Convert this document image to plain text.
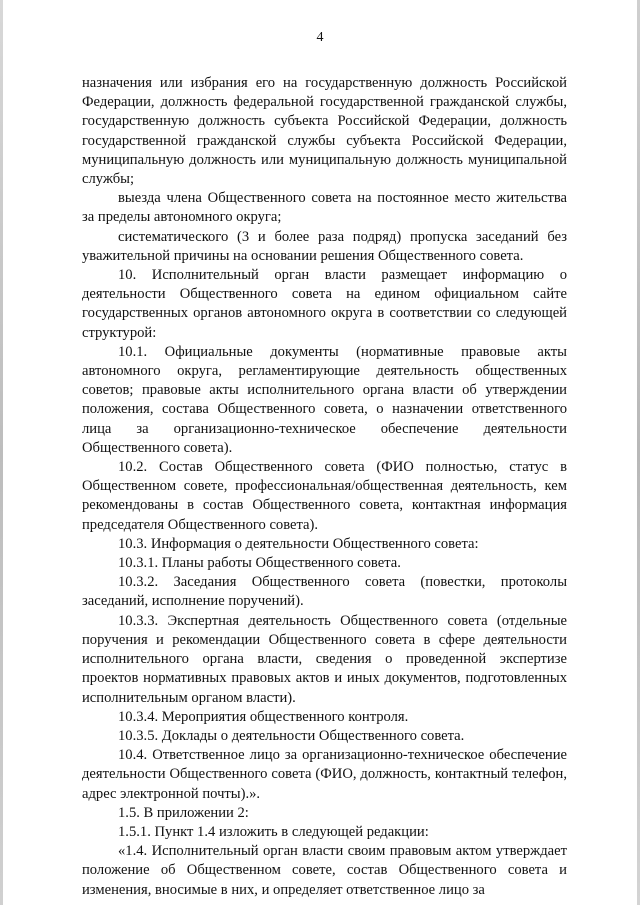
4

назначения или избрания его на государственную должность Российской Федерации, должность федеральной государственной гражданской службы, государственную должность субъекта Российской Федерации, должность государственной гражданской службы субъекта Российской Федерации, муниципальную должность или муниципальную должность муниципальной службы;

выезда члена Общественного совета на постоянное место жительства за пределы автономного округа;

систематического (3 и более раза подряд) пропуска заседаний без уважительной причины на основании решения Общественного совета.

10. Исполнительный орган власти размещает информацию о деятельности Общественного совета на едином официальном сайте государственных органов автономного округа в соответствии со следующей структурой:

10.1. Официальные документы (нормативные правовые акты автономного округа, регламентирующие деятельность общественных советов; правовые акты исполнительного органа власти об утверждении положения, состава Общественного совета, о назначении ответственного лица за организационно-техническое обеспечение деятельности Общественного совета).

10.2. Состав Общественного совета (ФИО полностью, статус в Общественном совете, профессиональная/общественная деятельность, кем рекомендованы в состав Общественного совета, контактная информация председателя Общественного совета).

10.3. Информация о деятельности Общественного совета:

10.3.1. Планы работы Общественного совета.

10.3.2. Заседания Общественного совета (повестки, протоколы заседаний, исполнение поручений).

10.3.3. Экспертная деятельность Общественного совета (отдельные поручения и рекомендации Общественного совета в сфере деятельности исполнительного органа власти, сведения о проведенной экспертизе проектов нормативных правовых актов и иных документов, подготовленных исполнительным органом власти).

10.3.4. Мероприятия общественного контроля.

10.3.5. Доклады о деятельности Общественного совета.

10.4. Ответственное лицо за организационно-техническое обеспечение деятельности Общественного совета (ФИО, должность, контактный телефон, адрес электронной почты).».

1.5. В приложении 2:

1.5.1. Пункт 1.4 изложить в следующей редакции:

«1.4. Исполнительный орган власти своим правовым актом утверждает положение об Общественном совете, состав Общественного совета и изменения, вносимые в них, и определяет ответственное лицо за
